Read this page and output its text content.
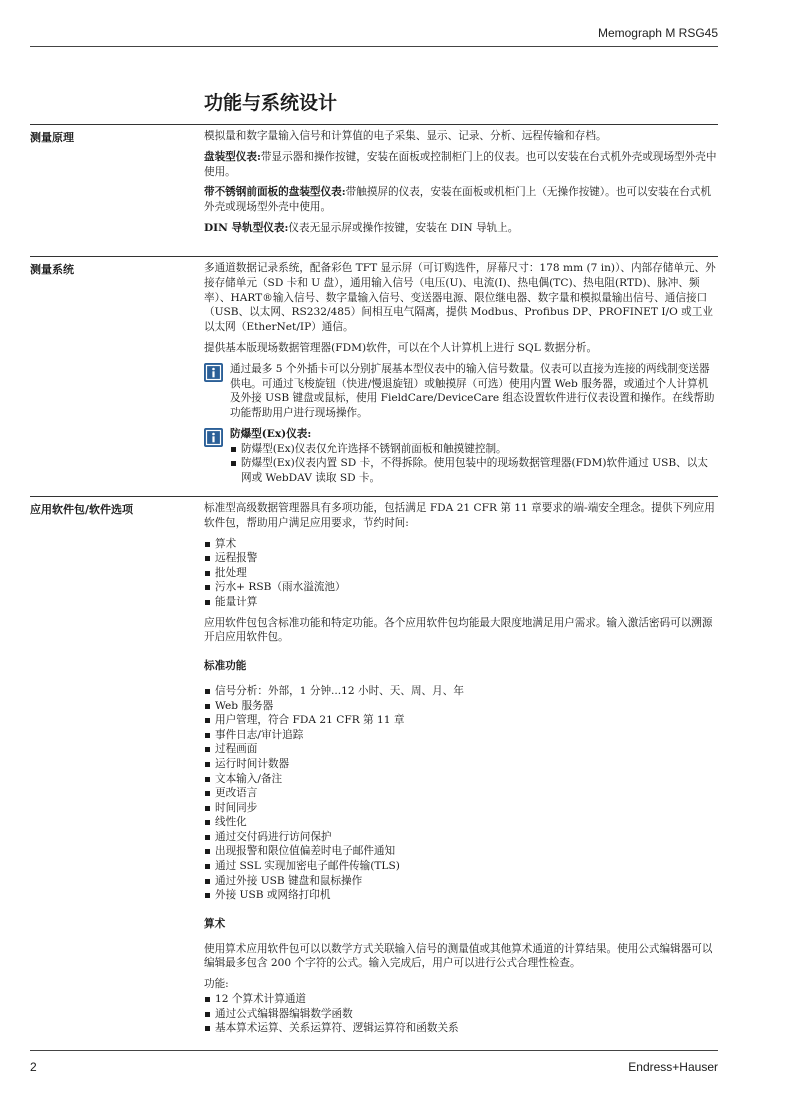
Memograph M RSG45
功能与系统设计
测量原理	模拟量和数字量输入信号和计算值的电子采集、显示、记录、分析、远程传输和存档。

盘装型仪表:带显示器和操作按键，安装在面板或控制柜门上的仪表。也可以安装在台式机外壳或现场型外壳中使用。

带不锈钢前面板的盘装型仪表:带触摸屏的仪表，安装在面板或机柜门上（无操作按键）。也可以安装在台式机外壳或现场型外壳中使用。

DIN 导轨型仪表:仪表无显示屏或操作按键，安装在 DIN 导轨上。

测量系统	多通道数据记录系统，配备彩色 TFT 显示屏（可订购选件，屏幕尺寸：178 mm (7 in)）、内部存储单元、外接存储单元（SD 卡和 U 盘），通用输入信号（电压(U)、电流(I)、热电偶(TC)、热电阻(RTD)、脉冲、频率）、HART®输入信号、数字量输入信号、变送器电源、限位继电器、数字量和模拟量输出信号、通信接口（USB、以太网、RS232/485）间相互电气隔离，提供 Modbus、Profibus DP、PROFINET I/O 或工业以太网（EtherNet/IP）通信。

提供基本版现场数据管理器(FDM)软件，可以在个人计算机上进行 SQL 数据分析。

通过最多 5 个外插卡可以分别扩展基本型仪表中的输入信号数量。仪表可以直接为连接的两线制变送器供电。可通过飞梭旋钮（快进/慢退旋钮）或触摸屏（可选）使用内置 Web 服务器，或通过个人计算机及外接 USB 键盘或鼠标，使用 FieldCare/DeviceCare 组态设置软件进行仪表设置和操作。在线帮助功能帮助用户进行现场操作。
防爆型(Ex)仪表:
防爆型(Ex)仪表仅允许选择不锈钢前面板和触摸键控制。
防爆型(Ex)仪表内置 SD 卡，不得拆除。使用包装中的现场数据管理器(FDM)软件通过 USB、以太网或 WebDAV 读取 SD 卡。
应用软件包/软件选项	标准型高级数据管理器具有多项功能，包括满足 FDA 21 CFR 第 11 章要求的端-端安全理念。提供下列应用软件包，帮助用户满足应用要求，节约时间:

算术
远程报警
批处理
污水+ RSB（雨水溢流池）
能量计算

应用软件包包含标准功能和特定功能。各个应用软件包均能最大限度地满足用户需求。输入激活密码可以溯源开启应用软件包。

标准功能
信号分析：外部，1 分钟...12 小时、天、周、月、年
Web 服务器
用户管理，符合 FDA 21 CFR 第 11 章
事件日志/审计追踪
过程画面
运行时间计数器
文本输入/备注
更改语言
时间同步
线性化
通过交付码进行访问保护
出现报警和限位值偏差时电子邮件通知
通过 SSL 实现加密电子邮件传输(TLS)
通过外接 USB 键盘和鼠标操作
外接 USB 或网络打印机
算术

使用算术应用软件包可以以数学方式关联输入信号的测量值或其他算术通道的计算结果。使用公式编辑器可以编辑最多包含 200 个字符的公式。输入完成后，用户可以进行公式合理性检查。

功能:
12 个算术计算通道
通过公式编辑器编辑数学函数
基本算术运算、关系运算符、逻辑运算符和函数关系
2	Endress+Hauser
